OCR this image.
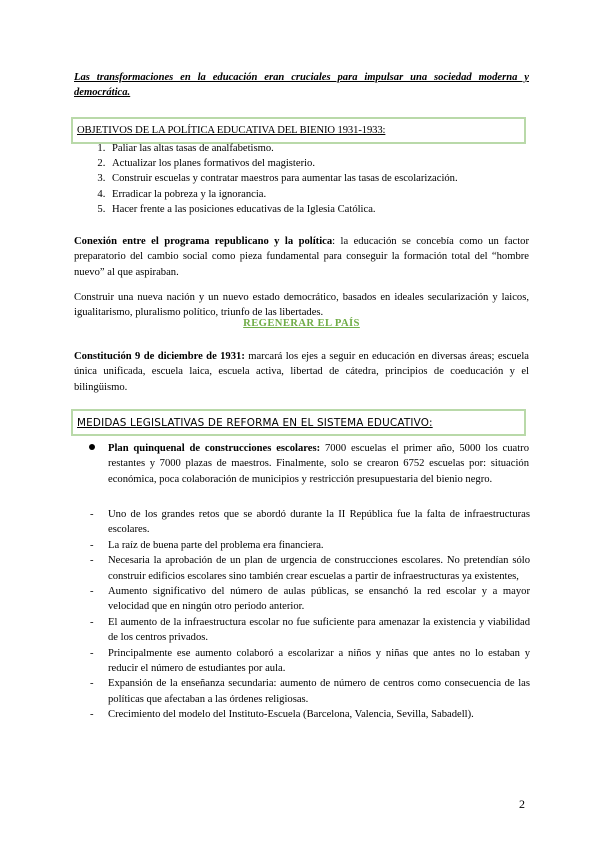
Las transformaciones en la educación eran cruciales para impulsar una sociedad moderna y democrática.
OBJETIVOS DE LA POLÍTICA EDUCATIVA DEL BIENIO 1931-1933:
1. Paliar las altas tasas de analfabetismo.
2. Actualizar los planes formativos del magisterio.
3. Construir escuelas y contratar maestros para aumentar las tasas de escolarización.
4. Erradicar la pobreza y la ignorancia.
5. Hacer frente a las posiciones educativas de la Iglesia Católica.
Conexión entre el programa republicano y la política: la educación se concebía como un factor preparatorio del cambio social como pieza fundamental para conseguir la formación total del “hombre nuevo” al que aspiraban.
Construir una nueva nación y un nuevo estado democrático, basados en ideales secularización y laicos, igualitarismo, pluralismo político, triunfo de las libertades.
REGENERAR EL PAÍS
Constitución 9 de diciembre de 1931: marcará los ejes a seguir en educación en diversas áreas; escuela única unificada, escuela laica, escuela activa, libertad de cátedra, principios de coeducación y el bilingüismo.
MEDIDAS LEGISLATIVAS DE REFORMA EN EL SISTEMA EDUCATIVO:
Plan quinquenal de construcciones escolares: 7000 escuelas el primer año, 5000 los cuatro restantes y 7000 plazas de maestros. Finalmente, solo se crearon 6752 escuelas por: situación económica, poca colaboración de municipios y restricción presupuestaria del bienio negro.
- Uno de los grandes retos que se abordó durante la II República fue la falta de infraestructuras escolares.
- La raíz de buena parte del problema era financiera.
- Necesaria la aprobación de un plan de urgencia de construcciones escolares. No pretendían sólo construir edificios escolares sino también crear escuelas a partir de infraestructuras ya existentes,
- Aumento significativo del número de aulas públicas, se ensanchó la red escolar y a mayor velocidad que en ningún otro periodo anterior.
- El aumento de la infraestructura escolar no fue suficiente para amenazar la existencia y viabilidad de los centros privados.
- Principalmente ese aumento colaboró a escolarizar a niños y niñas que antes no lo estaban y reducir el número de estudiantes por aula.
- Expansión de la enseñanza secundaria: aumento de número de centros como consecuencia de las políticas que afectaban a las órdenes religiosas.
- Crecimiento del modelo del Instituto-Escuela (Barcelona, Valencia, Sevilla, Sabadell).
2
